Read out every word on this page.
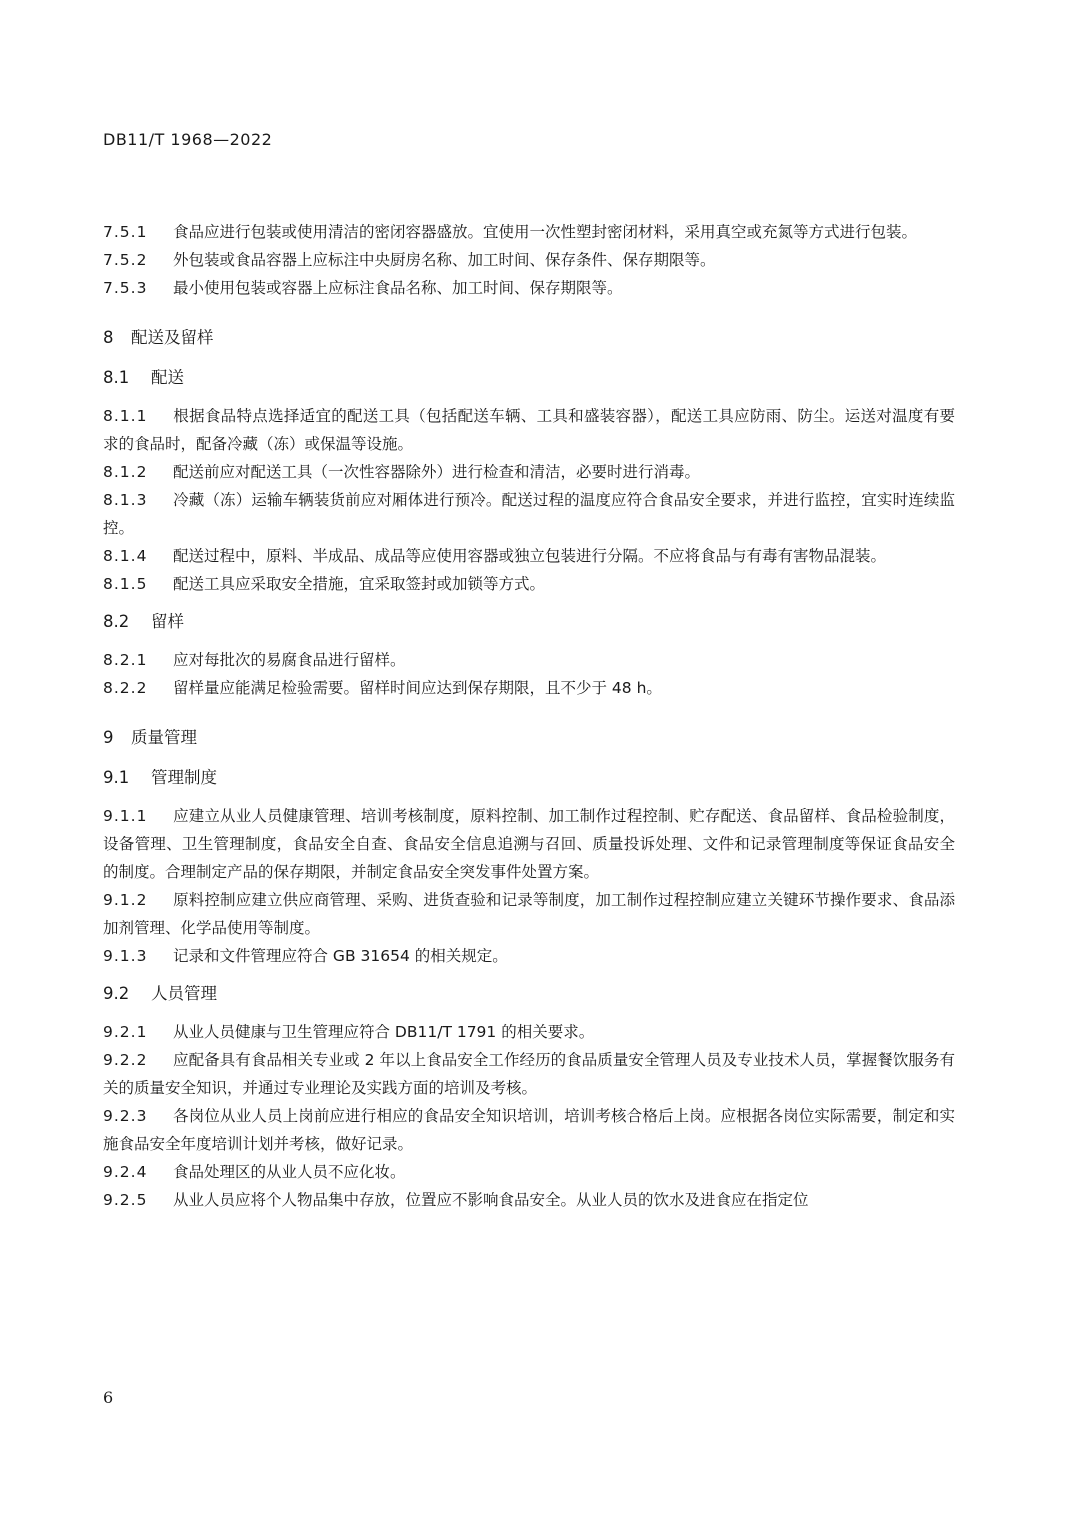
DB11/T 1968—2022

7.5.1 食品应进行包装或使用清洁的密闭容器盛放。宜使用一次性塑封密闭材料，采用真空或充氮等方式进行包装。

7.5.2 外包装或食品容器上应标注中央厨房名称、加工时间、保存条件、保存期限等。

7.5.3 最小使用包装或容器上应标注食品名称、加工时间、保存期限等。

8 配送及留样
8.1 配送

8.1.1 根据食品特点选择适宜的配送工具（包括配送车辆、工具和盛装容器），配送工具应防雨、防尘。运送对温度有要求的食品时，配备冷藏（冻）或保温等设施。

8.1.2 配送前应对配送工具（一次性容器除外）进行检查和清洁，必要时进行消毒。

8.1.3 冷藏（冻）运输车辆装货前应对厢体进行预冷。配送过程的温度应符合食品安全要求，并进行监控，宜实时连续监控。

8.1.4 配送过程中，原料、半成品、成品等应使用容器或独立包装进行分隔。不应将食品与有毒有害物品混装。

8.1.5 配送工具应采取安全措施，宜采取签封或加锁等方式。

8.2 留样

8.2.1 应对每批次的易腐食品进行留样。

8.2.2 留样量应能满足检验需要。留样时间应达到保存期限，且不少于 48 h。

9 质量管理
9.1 管理制度

9.1.1 应建立从业人员健康管理、培训考核制度，原料控制、加工制作过程控制、贮存配送、食品留样、食品检验制度，设备管理、卫生管理制度，食品安全自查、食品安全信息追溯与召回、质量投诉处理、文件和记录管理制度等保证食品安全的制度。合理制定产品的保存期限，并制定食品安全突发事件处置方案。

9.1.2 原料控制应建立供应商管理、采购、进货查验和记录等制度，加工制作过程控制应建立关键环节操作要求、食品添加剂管理、化学品使用等制度。

9.1.3 记录和文件管理应符合 GB 31654 的相关规定。

9.2 人员管理

9.2.1 从业人员健康与卫生管理应符合 DB11/T 1791 的相关要求。

9.2.2 应配备具有食品相关专业或 2 年以上食品安全工作经历的食品质量安全管理人员及专业技术人员，掌握餐饮服务有关的质量安全知识，并通过专业理论及实践方面的培训及考核。

9.2.3 各岗位从业人员上岗前应进行相应的食品安全知识培训，培训考核合格后上岗。应根据各岗位实际需要，制定和实施食品安全年度培训计划并考核，做好记录。

9.2.4 食品处理区的从业人员不应化妆。

9.2.5 从业人员应将个人物品集中存放，位置应不影响食品安全。从业人员的饮水及进食应在指定位

6
